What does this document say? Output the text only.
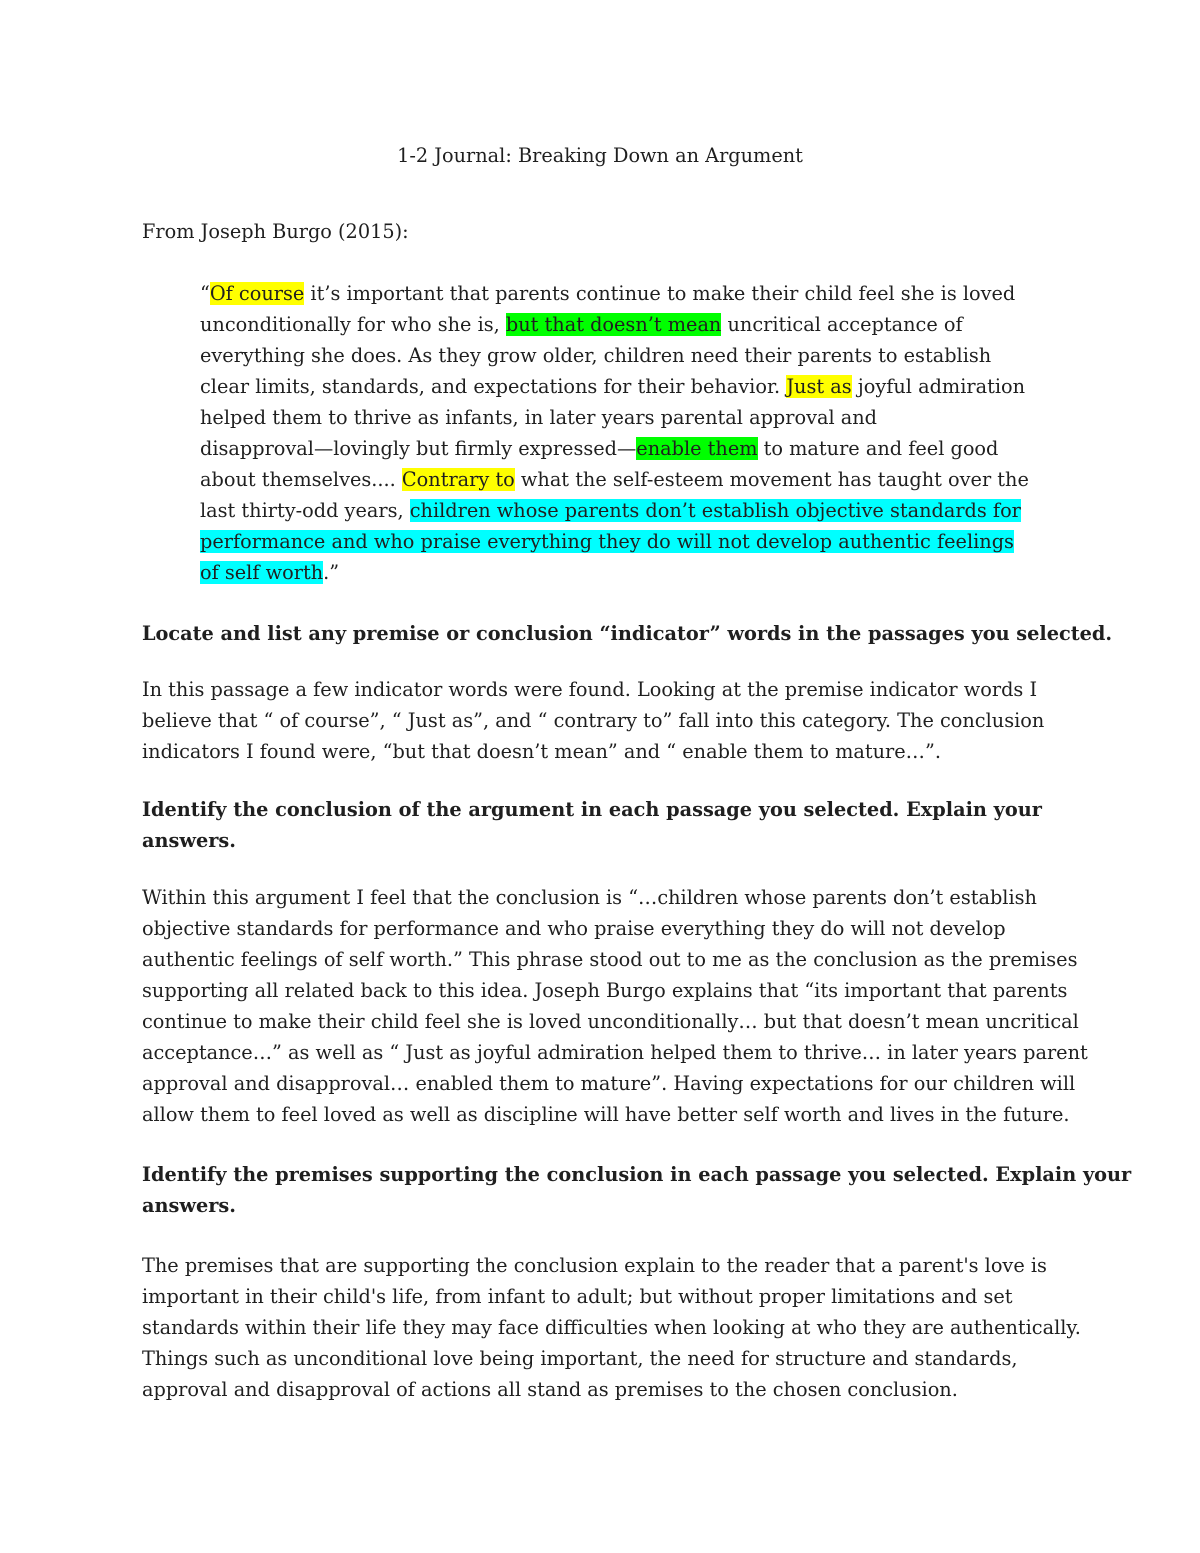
1-2 Journal: Breaking Down an Argument

From Joseph Burgo (2015):

“Of course it’s important that parents continue to make their child feel she is loved
unconditionally for who she is, but that doesn’t mean uncritical acceptance of
everything she does. As they grow older, children need their parents to establish
clear limits, standards, and expectations for their behavior. Just as joyful admiration
helped them to thrive as infants, in later years parental approval and
disapproval—lovingly but firmly expressed—enable them to mature and feel good
about themselves.... Contrary to what the self-esteem movement has taught over the
last thirty-odd years, children whose parents don’t establish objective standards for
performance and who praise everything they do will not develop authentic feelings
of self worth.”
Locate and list any premise or conclusion “indicator” words in the passages you selected.
In this passage a few indicator words were found. Looking at the premise indicator words I
believe that “ of course”, “ Just as”, and “ contrary to” fall into this category. The conclusion
indicators I found were, “but that doesn’t mean” and “ enable them to mature…”.
Identify the conclusion of the argument in each passage you selected. Explain your
answers.
Within this argument I feel that the conclusion is “…children whose parents don’t establish
objective standards for performance and who praise everything they do will not develop
authentic feelings of self worth.” This phrase stood out to me as the conclusion as the premises
supporting all related back to this idea. Joseph Burgo explains that “its important that parents
continue to make their child feel she is loved unconditionally… but that doesn’t mean uncritical
acceptance…” as well as “ Just as joyful admiration helped them to thrive… in later years parent
approval and disapproval… enabled them to mature”. Having expectations for our children will
allow them to feel loved as well as discipline will have better self worth and lives in the future.
Identify the premises supporting the conclusion in each passage you selected. Explain your
answers.
The premises that are supporting the conclusion explain to the reader that a parent's love is
important in their child's life, from infant to adult; but without proper limitations and set
standards within their life they may face difficulties when looking at who they are authentically.
Things such as unconditional love being important, the need for structure and standards,
approval and disapproval of actions all stand as premises to the chosen conclusion.
